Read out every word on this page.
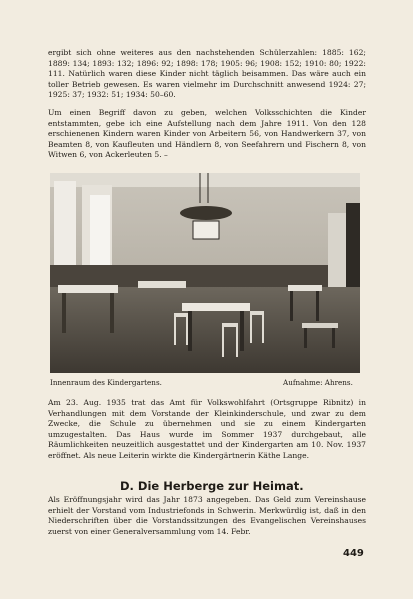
ergibt sich ohne weiteres aus den nachstehenden Schülerzahlen: 1885: 162; 1889: 134; 1893: 132; 1896: 92; 1898: 178; 1905: 96; 1908: 152; 1910: 80; 1922: 111. Natürlich waren diese Kinder nicht täglich beisammen. Das wäre auch ein toller Betrieb gewesen. Es waren vielmehr im Durchschnitt anwesend 1924: 27; 1925: 37; 1932: 51; 1934: 50–60.

Um einen Begriff davon zu geben, welchen Volksschichten die Kinder entstammten, gebe ich eine Aufstellung nach dem Jahre 1911. Von den 128 erschienenen Kindern waren Kinder von Arbeitern 56, von Handwerkern 37, von Beamten 8, von Kaufleuten und Händlern 8, von Seefahrern und Fischern 8, von Witwen 6, von Ackerleuten 5. –

Innenraum des Kindergartens.	Aufnahme: Ahrens.

Am 23. Aug. 1935 trat das Amt für Volkswohlfahrt (Ortsgruppe Ribnitz) in Verhandlungen mit dem Vorstande der Kleinkinderschule, und zwar zu dem Zwecke, die Schule zu übernehmen und sie zu einem Kindergarten umzugestalten. Das Haus wurde im Sommer 1937 durchgebaut, alle Räumlichkeiten neuzeitlich ausgestattet und der Kindergarten am 10. Nov. 1937 eröffnet. Als neue Leiterin wirkte die Kindergärtnerin Käthe Lange.

D. Die Herberge zur Heimat.

Als Eröffnungsjahr wird das Jahr 1873 angegeben. Das Geld zum Vereinshause erhielt der Vorstand vom Industriefonds in Schwerin. Merkwürdig ist, daß in den Niederschriften über die Vorstandssitzungen des Evangelischen Vereinshauses zuerst von einer Generalversammlung vom 14. Febr.

449
